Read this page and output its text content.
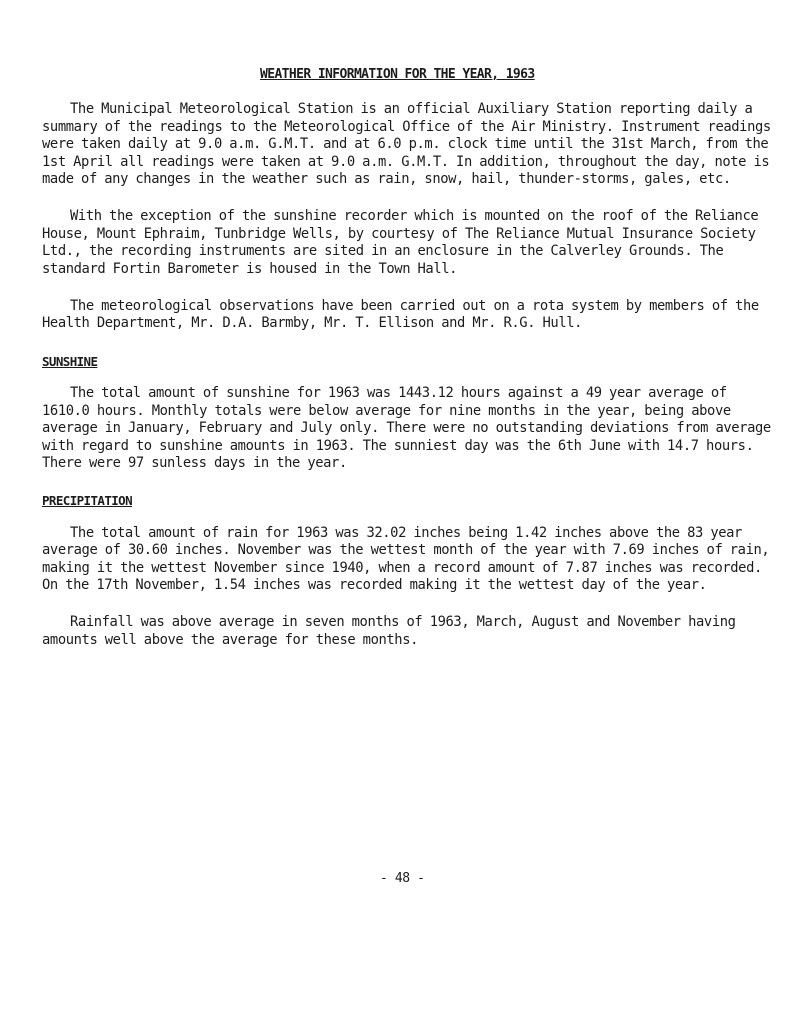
WEATHER INFORMATION FOR THE YEAR, 1963

The Municipal Meteorological Station is an official Auxiliary Station reporting daily a summary of the readings to the Meteorological Office of the Air Ministry. Instrument readings were taken daily at 9.0 a.m. G.M.T. and at 6.0 p.m. clock time until the 31st March, from the 1st April all readings were taken at 9.0 a.m. G.M.T. In addition, throughout the day, note is made of any changes in the weather such as rain, snow, hail, thunder-storms, gales, etc.

With the exception of the sunshine recorder which is mounted on the roof of the Reliance House, Mount Ephraim, Tunbridge Wells, by courtesy of The Reliance Mutual Insurance Society Ltd., the recording instruments are sited in an enclosure in the Calverley Grounds. The standard Fortin Barometer is housed in the Town Hall.

The meteorological observations have been carried out on a rota system by members of the Health Department, Mr. D.A. Barmby, Mr. T. Ellison and Mr. R.G. Hull.

SUNSHINE

The total amount of sunshine for 1963 was 1443.12 hours against a 49 year average of 1610.0 hours. Monthly totals were below average for nine months in the year, being above average in January, February and July only. There were no outstanding deviations from average with regard to sunshine amounts in 1963. The sunniest day was the 6th June with 14.7 hours. There were 97 sunless days in the year.

PRECIPITATION

The total amount of rain for 1963 was 32.02 inches being 1.42 inches above the 83 year average of 30.60 inches. November was the wettest month of the year with 7.69 inches of rain, making it the wettest November since 1940, when a record amount of 7.87 inches was recorded. On the 17th November, 1.54 inches was recorded making it the wettest day of the year.

Rainfall was above average in seven months of 1963, March, August and November having amounts well above the average for these months.

- 48 -
